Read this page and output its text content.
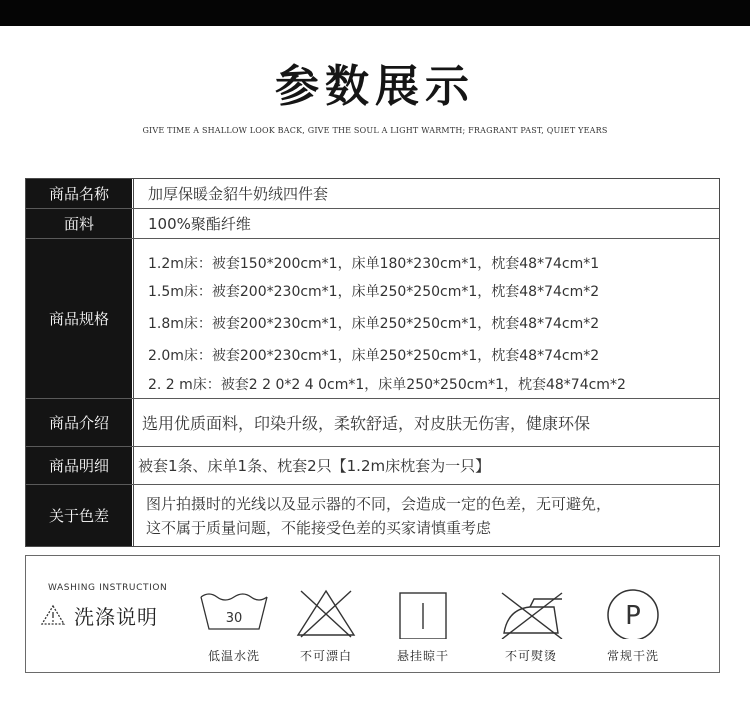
参数展示
GIVE TIME A SHALLOW LOOK BACK, GIVE THE SOUL A LIGHT WARMTH; FRAGRANT PAST, QUIET YEARS
商品名称	加厚保暖金貂牛奶绒四件套
面料	100%聚酯纤维
商品规格
1.2m床：被套150*200cm*1，床单180*230cm*1，枕套48*74cm*1
1.5m床：被套200*230cm*1，床单250*250cm*1，枕套48*74cm*2
1.8m床：被套200*230cm*1，床单250*250cm*1，枕套48*74cm*2
2.0m床：被套200*230cm*1，床单250*250cm*1，枕套48*74cm*2
2. 2 m床：被套2 2 0*2 4 0cm*1，床单250*250cm*1，枕套48*74cm*2
商品介绍	选用优质面料，印染升级，柔软舒适，对皮肤无伤害，健康环保
商品明细	被套1条、床单1条、枕套2只【1.2m床枕套为一只】
关于色差
图片拍摄时的光线以及显示器的不同，会造成一定的色差，无可避免，
这不属于质量问题，不能接受色差的买家请慎重考虑
WASHING INSTRUCTION
洗涤说明	30
低温水洗	不可漂白	悬挂晾干	不可熨烫
P
常规干洗
